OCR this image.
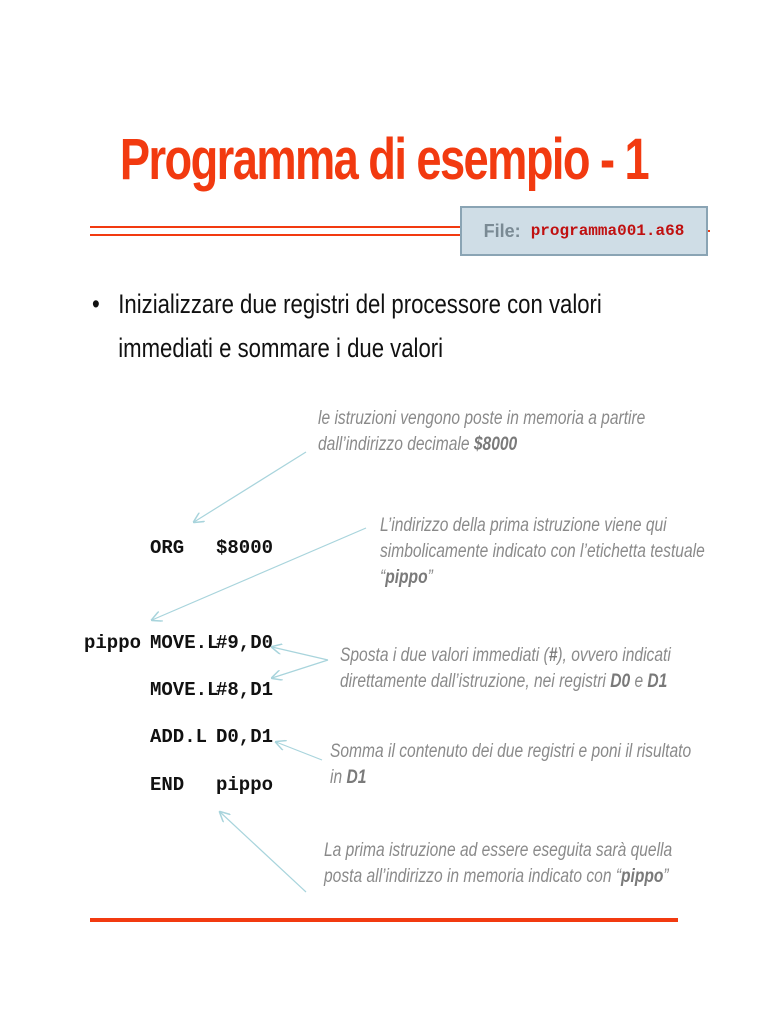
Programma di esempio - 1
File: programma001.a68
• Inizializzare due registri del processore con valori
immediati e sommare i due valori
ORG $8000
pippo MOVE.L
#9,D0
MOVE.L
#8,D1
ADD.L D0,D1
END pippo
le istruzioni vengono poste in memoria a partire
dall’indirizzo decimale $8000
L’indirizzo della prima istruzione viene qui
simbolicamente indicato con l’etichetta testuale
“pippo”
Sposta i due valori immediati (#), ovvero indicati
direttamente dall’istruzione, nei registri D0 e D1
Somma il contenuto dei due registri e poni il risultato
in D1
La prima istruzione ad essere eseguita sarà quella
posta all’indirizzo in memoria indicato con “pippo”
